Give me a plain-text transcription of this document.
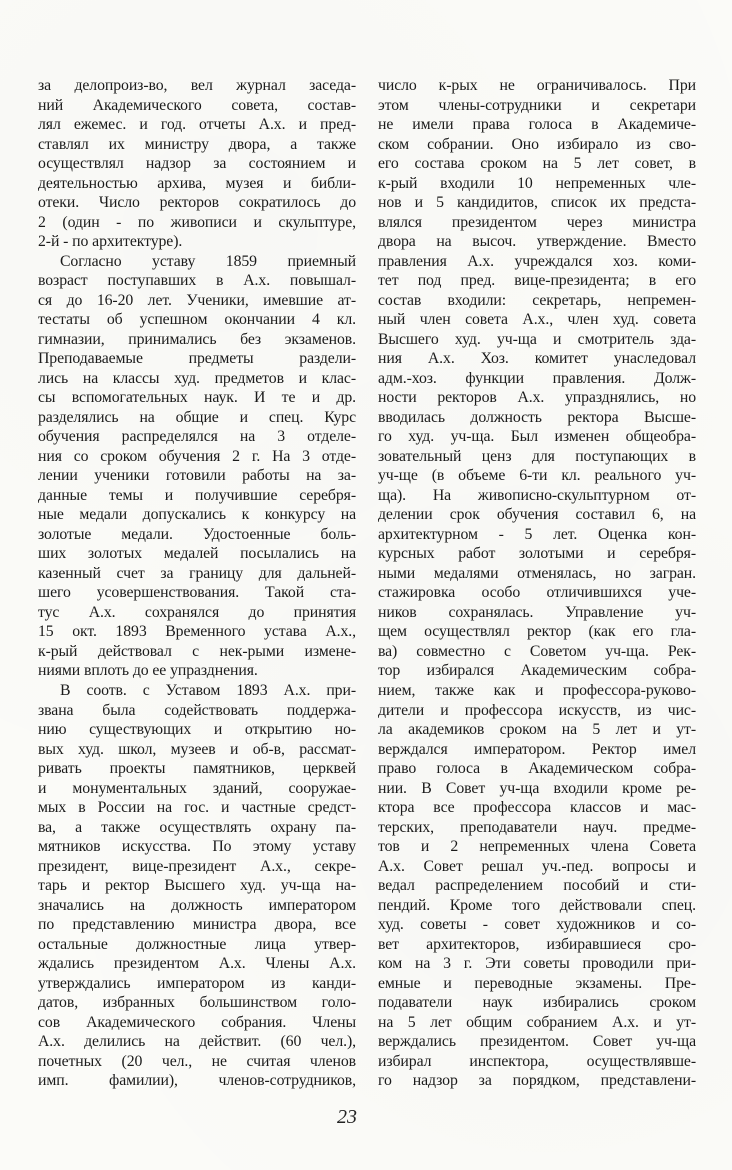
за делопроиз-во, вел журнал заседа-
ний Академического совета, состав-
лял ежемес. и год. отчеты А.х. и пред-
ставлял их министру двора, а также
осуществлял надзор за состоянием и
деятельностью архива, музея и библи-
отеки. Число ректоров сократилось до
2 (один - по живописи и скульптуре,
2-й - по архитектуре).
Согласно уставу 1859 приемный
возраст поступавших в А.х. повышал-
ся до 16-20 лет. Ученики, имевшие ат-
тестаты об успешном окончании 4 кл.
гимназии, принимались без экзаменов.
Преподаваемые предметы раздели-
лись на классы худ. предметов и клас-
сы вспомогательных наук. И те и др.
разделялись на общие и спец. Курс
обучения распределялся на 3 отделе-
ния со сроком обучения 2 г. На 3 отде-
лении ученики готовили работы на за-
данные темы и получившие серебря-
ные медали допускались к конкурсу на
золотые медали. Удостоенные боль-
ших золотых медалей посылались на
казенный счет за границу для дальней-
шего усовершенствования. Такой ста-
тус А.х. сохранялся до принятия
15 окт. 1893 Временного устава А.х.,
к-рый действовал с нек-рыми измене-
ниями вплоть до ее упразднения.
В соотв. с Уставом 1893 А.х. при-
звана была содействовать поддержа-
нию существующих и открытию но-
вых худ. школ, музеев и об-в, рассмат-
ривать проекты памятников, церквей
и монументальных зданий, сооружае-
мых в России на гос. и частные средст-
ва, а также осуществлять охрану па-
мятников искусства. По этому уставу
президент, вице-президент А.х., секре-
тарь и ректор Высшего худ. уч-ща на-
значались на должность императором
по представлению министра двора, все
остальные должностные лица утвер-
ждались президентом А.х. Члены А.х.
утверждались императором из канди-
датов, избранных большинством голо-
сов Академического собрания. Члены
А.х. делились на действит. (60 чел.),
почетных (20 чел., не считая членов
имп. фамилии), членов-сотрудников,
число к-рых не ограничивалось. При
этом члены-сотрудники и секретари
не имели права голоса в Академиче-
ском собрании. Оно избирало из сво-
его состава сроком на 5 лет совет, в
к-рый входили 10 непременных чле-
нов и 5 кандидитов, список их предста-
влялся президентом через министра
двора на высоч. утверждение. Вместо
правления А.х. учреждался хоз. коми-
тет под пред. вице-президента; в его
состав входили: секретарь, непремен-
ный член совета А.х., член худ. совета
Высшего худ. уч-ща и смотритель зда-
ния А.х. Хоз. комитет унаследовал
адм.-хоз. функции правления. Долж-
ности ректоров А.х. упразднялись, но
вводилась должность ректора Высше-
го худ. уч-ща. Был изменен общеобра-
зовательный ценз для поступающих в
уч-ще (в объеме 6-ти кл. реального уч-
ща). На живописно-скульптурном от-
делении срок обучения составил 6, на
архитектурном - 5 лет. Оценка кон-
курсных работ золотыми и серебря-
ными медалями отменялась, но загран.
стажировка особо отличившихся уче-
ников сохранялась. Управление уч-
щем осуществлял ректор (как его гла-
ва) совместно с Советом уч-ща. Рек-
тор избирался Академическим собра-
нием, также как и профессора-руково-
дители и профессора искусств, из чис-
ла академиков сроком на 5 лет и ут-
верждался императором. Ректор имел
право голоса в Академическом собра-
нии. В Совет уч-ща входили кроме ре-
ктора все профессора классов и мас-
терских, преподаватели науч. предме-
тов и 2 непременных члена Совета
А.х. Совет решал уч.-пед. вопросы и
ведал распределением пособий и сти-
пендий. Кроме того действовали спец.
худ. советы - совет художников и со-
вет архитекторов, избиравшиеся сро-
ком на 3 г. Эти советы проводили при-
емные и переводные экзамены. Пре-
подаватели наук избирались сроком
на 5 лет общим собранием А.х. и ут-
верждались президентом. Совет уч-ща
избирал инспектора, осуществлявше-
го надзор за порядком, представлени-
23
